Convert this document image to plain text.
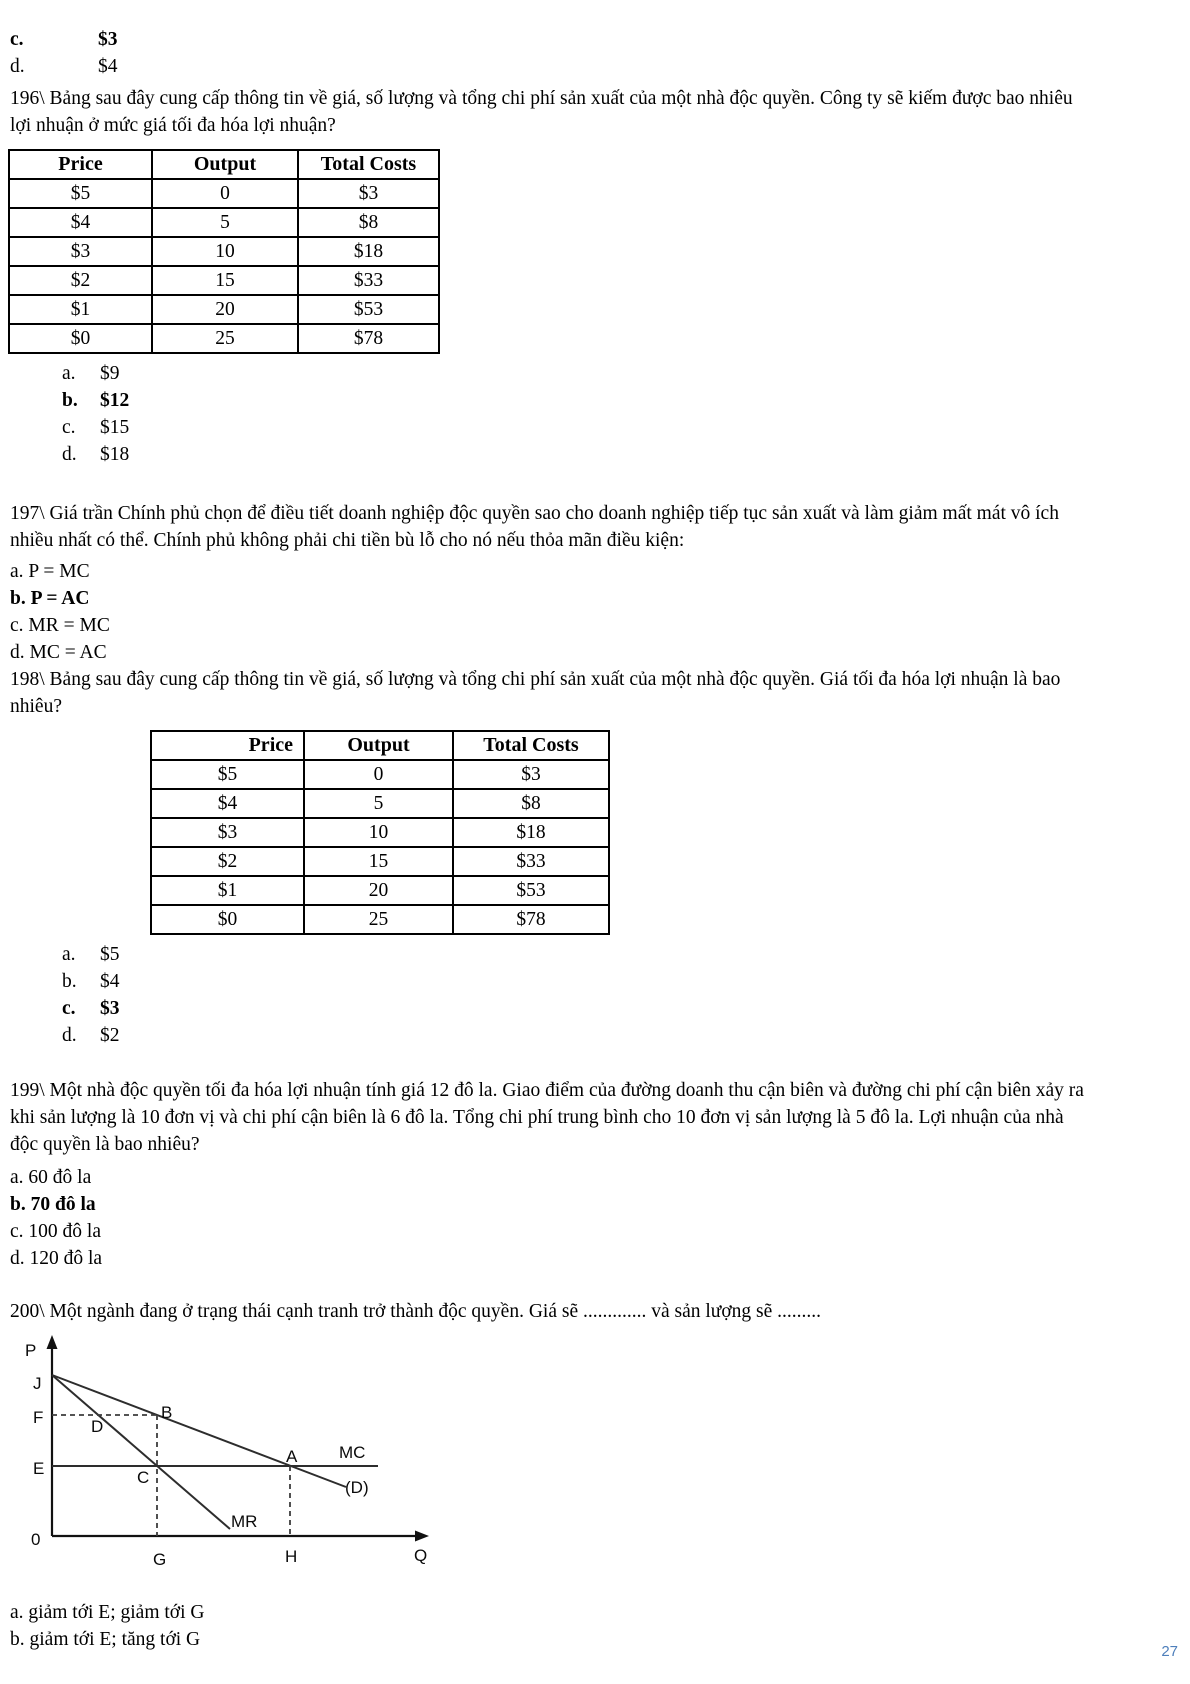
c.	$3
d.	$4

196\ Bảng sau đây cung cấp thông tin về giá, số lượng và tổng chi phí sản xuất của một nhà độc quyền. Công ty sẽ kiếm được bao nhiêu lợi nhuận ở mức giá tối đa hóa lợi nhuận?

Price	Output	Total Costs
$5	0	$3
$4	5	$8
$3	10	$18
$2	15	$33
$1	20	$53
$0	25	$78
a. $9
b. $12
c. $15
d. $18

197\ Giá trần Chính phủ chọn để điều tiết doanh nghiệp độc quyền sao cho doanh nghiệp tiếp tục sản xuất và làm giảm mất mát vô ích nhiều nhất có thể. Chính phủ không phải chi tiền bù lỗ cho nó nếu thỏa mãn điều kiện:

a. P = MC
b. P = AC
c. MR = MC
d. MC = AC

198\ Bảng sau đây cung cấp thông tin về giá, số lượng và tổng chi phí sản xuất của một nhà độc quyền. Giá tối đa hóa lợi nhuận là bao nhiêu?

Price	Output	Total Costs
$5	0	$3
$4	5	$8
$3	10	$18
$2	15	$33
$1	20	$53
$0	25	$78
a. $5
b. $4
c. $3
d. $2

199\ Một nhà độc quyền tối đa hóa lợi nhuận tính giá 12 đô la. Giao điểm của đường doanh thu cận biên và đường chi phí cận biên xảy ra khi sản lượng là 10 đơn vị và chi phí cận biên là 6 đô la. Tổng chi phí trung bình cho 10 đơn vị sản lượng là 5 đô la. Lợi nhuận của nhà độc quyền là bao nhiêu?

a. 60 đô la
b. 70 đô la
c. 100 đô la
d. 120 đô la

200\ Một ngành đang ở trạng thái cạnh tranh trở thành độc quyền. Giá sẽ ............. và sản lượng sẽ .........

P
Q
0
J
F
E
B
D
C
A MC
(D)
MR
G	H
a. giảm tới E; giảm tới G
b. giảm tới E; tăng tới G
27
